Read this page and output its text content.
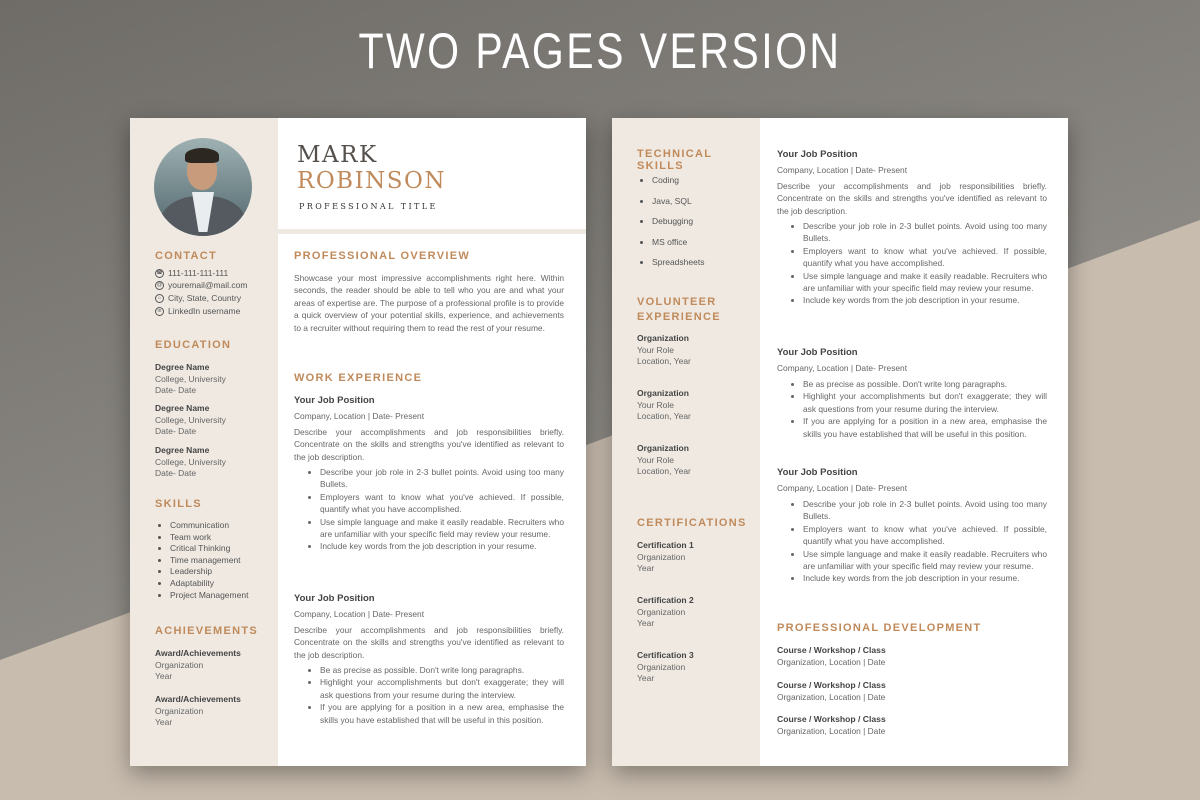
TWO PAGES VERSION
CONTACT
☎ 111-111-111-111
@ youremail@mail.com
⌂ City, State, Country
in LinkedIn username
EDUCATION
Degree Name
College, University
Date- Date
Degree Name
College, University
Date- Date
Degree Name
College, University
Date- Date
SKILLS
• Communication
• Team work
• Critical Thinking
• Time management
• Leadership
• Adaptability
• Project Management
ACHIEVEMENTS
Award/Achievements
Organization
Year
Award/Achievements
Organization
Year
MARK
ROBINSON
PROFESSIONAL TITLE
PROFESSIONAL OVERVIEW
Showcase your most impressive accomplishments right here. Within seconds, the reader should be able to tell who you are and what your areas of expertise are. The purpose of a professional profile is to provide a quick overview of your potential skills, experience, and achievements to a recruiter without requiring them to read the rest of your resume.
WORK EXPERIENCE
Your Job Position
Company, Location | Date- Present
Describe your accomplishments and job responsibilities briefly. Concentrate on the skills and strengths you've identified as relevant to the job description.
• Describe your job role in 2-3 bullet points. Avoid using too many Bullets.
• Employers want to know what you've achieved. If possible, quantify what you have accomplished.
• Use simple language and make it easily readable. Recruiters who are unfamiliar with your specific field may review your resume.
• Include key words from the job description in your resume.
Your Job Position
Company, Location | Date- Present
Describe your accomplishments and job responsibilities briefly. Concentrate on the skills and strengths you've identified as relevant to the job description.
• Be as precise as possible. Don't write long paragraphs.
• Highlight your accomplishments but don't exaggerate; they will ask questions from your resume during the interview.
• If you are applying for a position in a new area, emphasise the skills you have established that will be useful in this position.
TECHNICAL SKILLS
• Coding
• Java, SQL
• Debugging
• MS office
• Spreadsheets
VOLUNTEER
EXPERIENCE
Organization
Your Role
Location, Year
Organization
Your Role
Location, Year
Organization
Your Role
Location, Year
CERTIFICATIONS
Certification 1
Organization
Year
Certification 2
Organization
Year
Certification 3
Organization
Year
Your Job Position
Company, Location | Date- Present
Describe your accomplishments and job responsibilities briefly. Concentrate on the skills and strengths you've identified as relevant to the job description.
• Describe your job role in 2-3 bullet points. Avoid using too many Bullets.
• Employers want to know what you've achieved. If possible, quantify what you have accomplished.
• Use simple language and make it easily readable. Recruiters who are unfamiliar with your specific field may review your resume.
• Include key words from the job description in your resume.
Your Job Position
Company, Location | Date- Present
• Be as precise as possible. Don't write long paragraphs.
• Highlight your accomplishments but don't exaggerate; they will ask questions from your resume during the interview.
• If you are applying for a position in a new area, emphasise the skills you have established that will be useful in this position.
Your Job Position
Company, Location | Date- Present
• Describe your job role in 2-3 bullet points. Avoid using too many Bullets.
• Employers want to know what you've achieved. If possible, quantify what you have accomplished.
• Use simple language and make it easily readable. Recruiters who are unfamiliar with your specific field may review your resume.
• Include key words from the job description in your resume.
PROFESSIONAL DEVELOPMENT
Course / Workshop / Class
Organization, Location | Date
Course / Workshop / Class
Organization, Location | Date
Course / Workshop / Class
Organization, Location | Date
